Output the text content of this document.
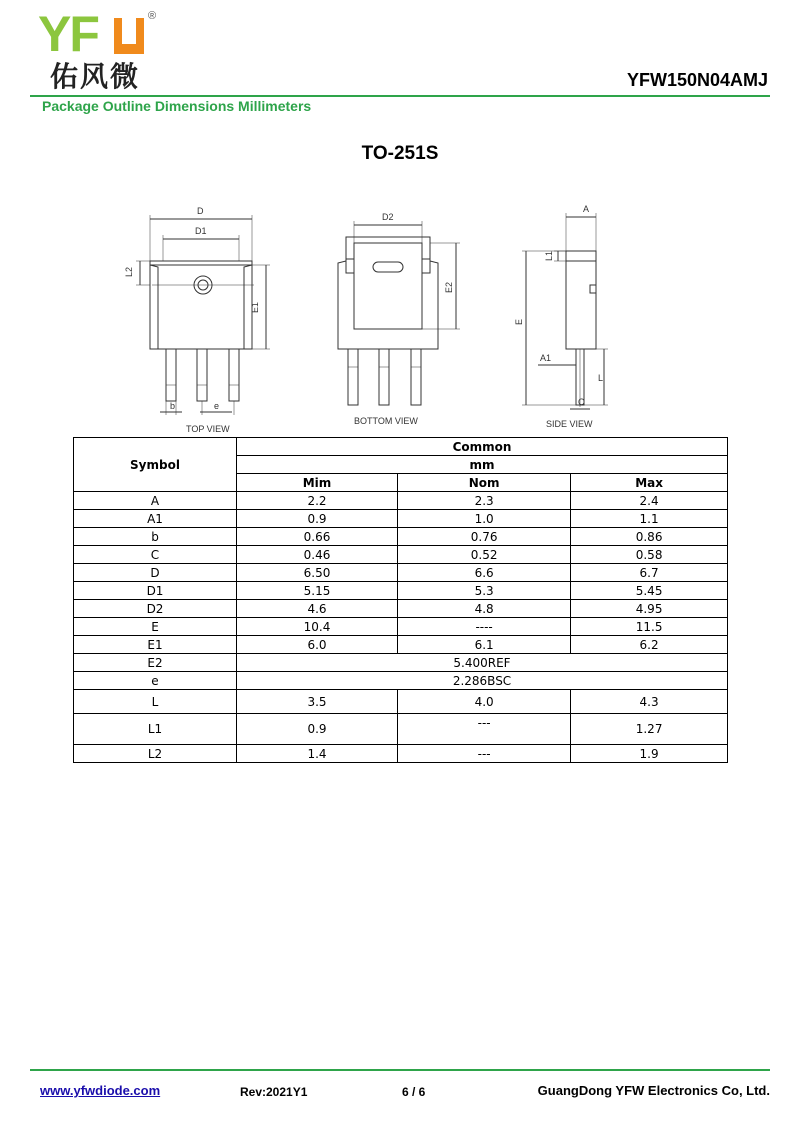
YF	®
佑风微	YFW150N04AMJ
Package Outline Dimensions Millimeters
TO-251S
D
D1
E1
L2
b	e
D2
E2
A
L1
E
A1
L
C
TOP VIEW
BOTTOM VIEW	SIDE VIEW
Symbol	Common		
	mm		
	Mim	Nom	Max
A	2.2	2.3	2.4
A1	0.9	1.0	1.1
b	0.66	0.76	0.86
C	0.46	0.52	0.58
D	6.50	6.6	6.7
D1	5.15	5.3	5.45
D2	4.6	4.8	4.95
E	10.4	----	11.5
E1	6.0	6.1	6.2
E2	5.400REF		
e	2.286BSC		
L	3.5	4.0	4.3
L1	0.9	---	1.27
L2	1.4	---	1.9
www.yfwdiode.com	Rev:2021Y1	6 / 6	GuangDong YFW Electronics Co, Ltd.
